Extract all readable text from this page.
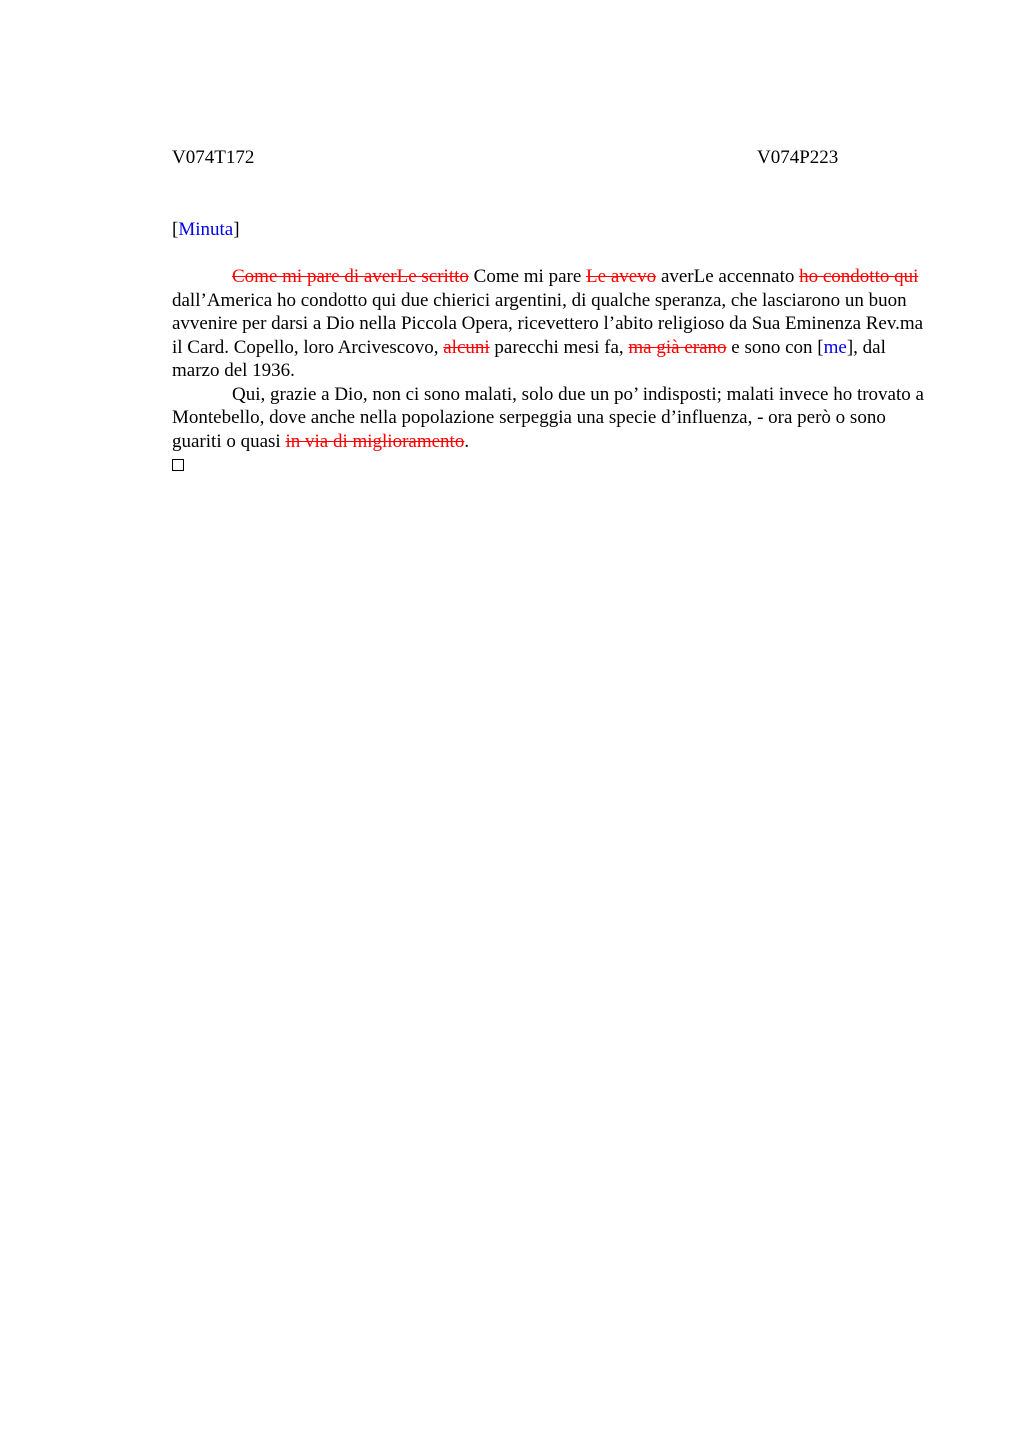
V074T172	V074P223
[Minuta]

Come mi pare di averLe scritto Come mi pare Le avevo averLe accennato ho condotto qui dall’America ho condotto qui due chierici argentini, di qualche speranza, che lasciarono un buon avvenire per darsi a Dio nella Piccola Opera, ricevettero l’abito religioso da Sua Eminenza Rev.ma il Card. Copello, loro Arcivescovo, alcuni parecchi mesi fa, ma già erano e sono con [me], dal marzo del 1936.

Qui, grazie a Dio, non ci sono malati, solo due un po’ indisposti; malati invece ho trovato a Montebello, dove anche nella popolazione serpeggia una specie d’influenza, - ora però o sono guariti o quasi in via di miglioramento.
